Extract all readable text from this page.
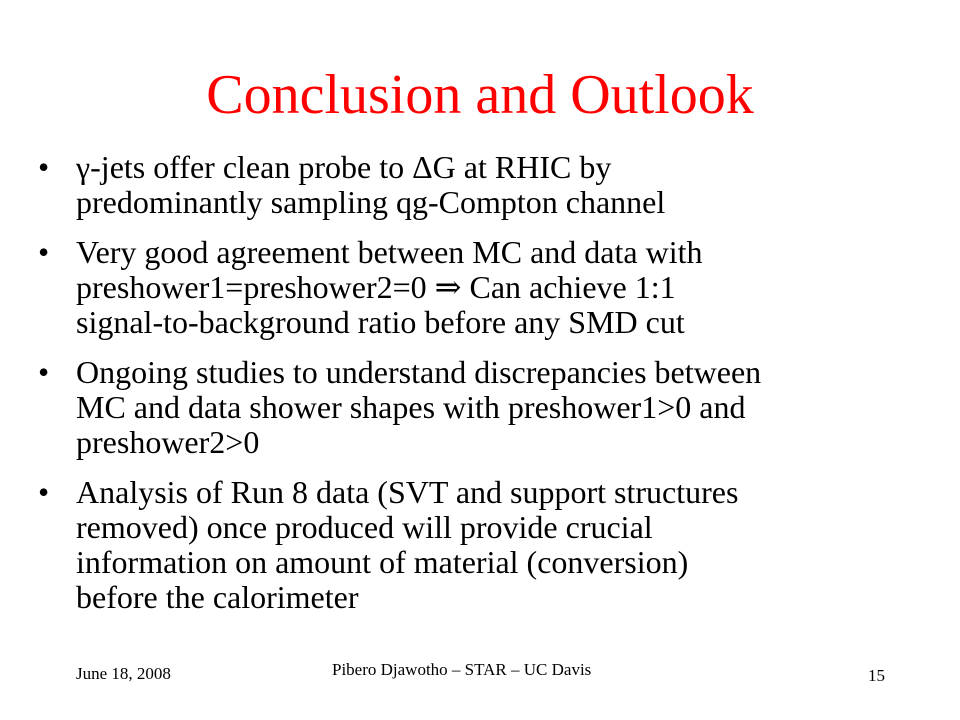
Conclusion and Outlook
• γ-jets offer clean probe to ΔG at RHIC by
predominantly sampling qg-Compton channel
• Very good agreement between MC and data with
preshower1=preshower2=0 ⇒ Can achieve 1:1
signal-to-background ratio before any SMD cut
• Ongoing studies to understand discrepancies between
MC and data shower shapes with preshower1>0 and
preshower2>0
• Analysis of Run 8 data (SVT and support structures
removed) once produced will provide crucial
information on amount of material (conversion)
before the calorimeter
June 18, 2008	Pibero Djawotho – STAR – UC Davis	15
